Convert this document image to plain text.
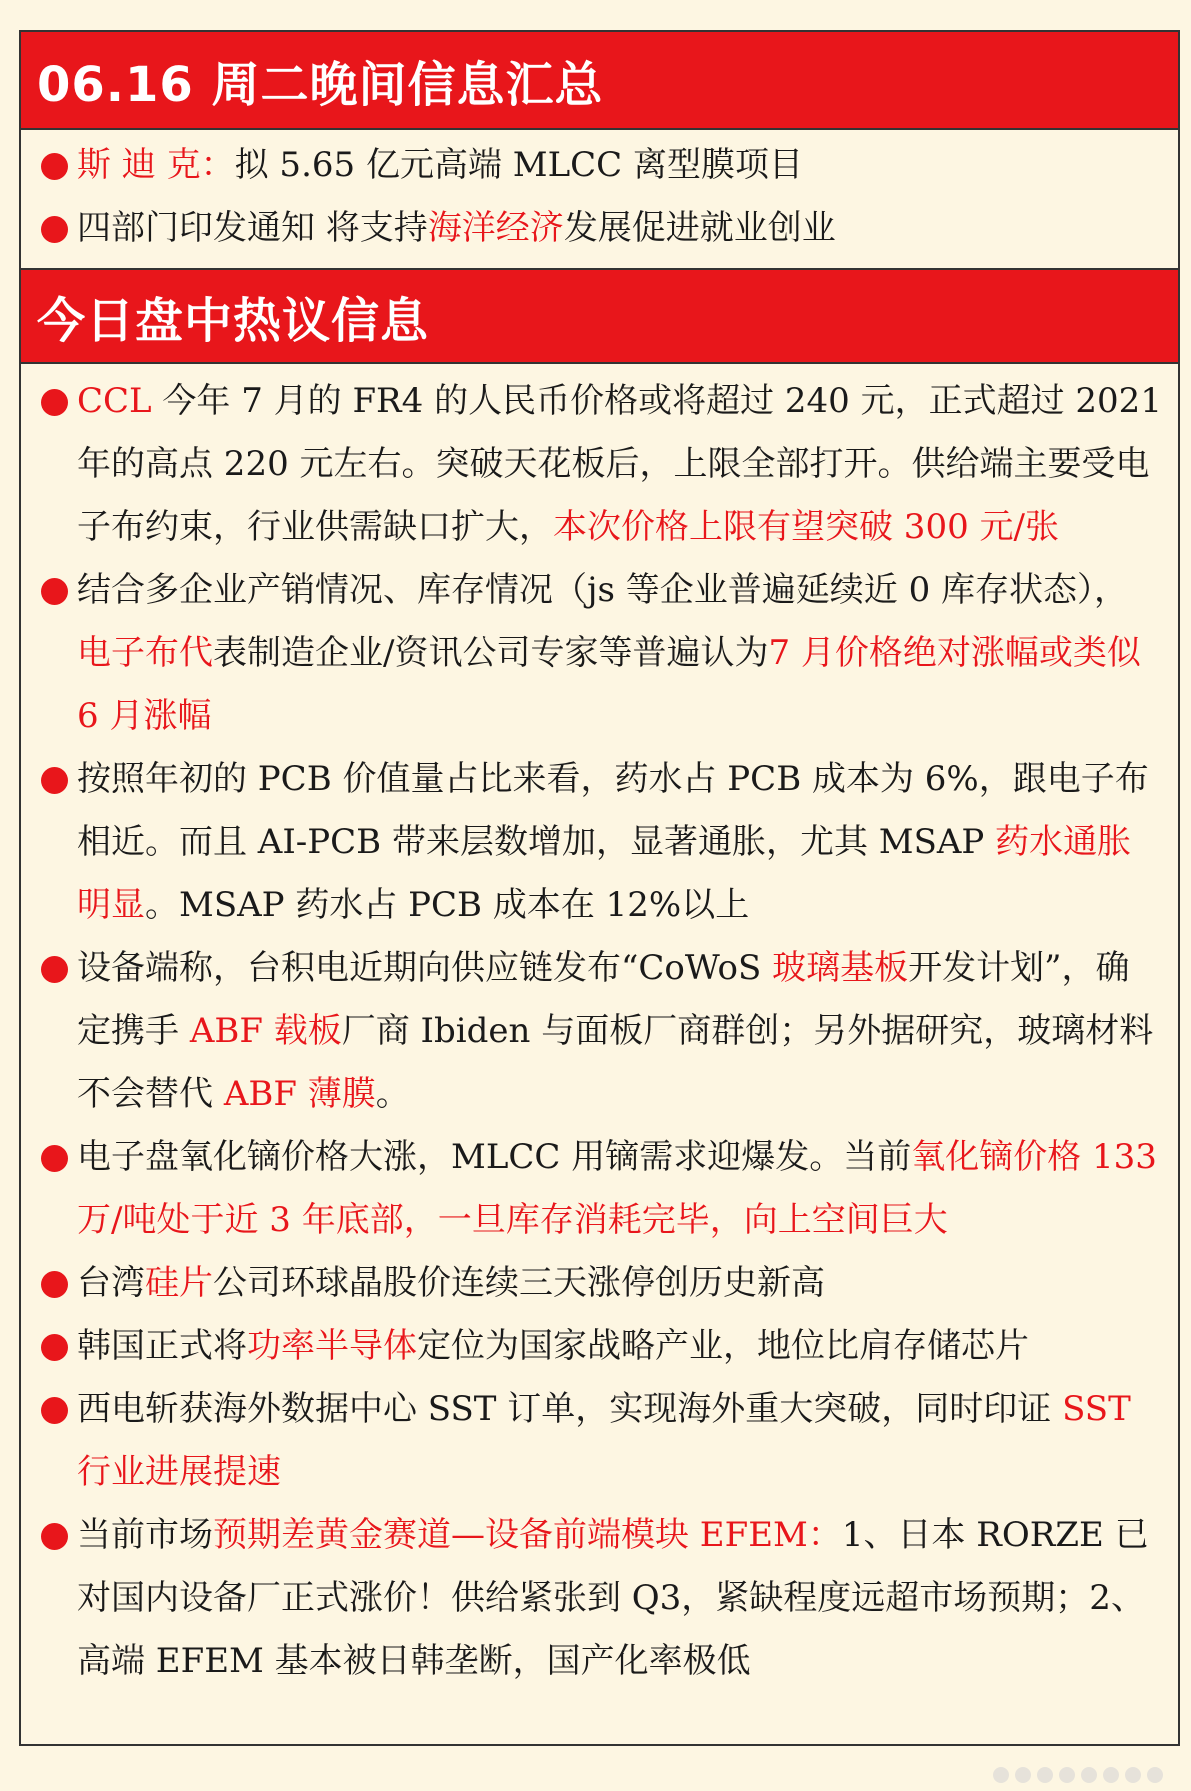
06.16 周二晚间信息汇总
斯 迪 克：拟 5.65 亿元高端 MLCC 离型膜项目
四部门印发通知 将支持海洋经济发展促进就业创业
今日盘中热议信息
CCL 今年 7 月的 FR4 的人民币价格或将超过 240 元，正式超过 2021 年的高点 220 元左右。突破天花板后，上限全部打开。供给端主要受电子布约束，行业供需缺口扩大，本次价格上限有望突破 300 元/张
结合多企业产销情况、库存情况（js 等企业普遍延续近 0 库存状态），电子布代表制造企业/资讯公司专家等普遍认为7 月价格绝对涨幅或类似 6 月涨幅
按照年初的 PCB 价值量占比来看，药水占 PCB 成本为 6%，跟电子布相近。而且 AI-PCB 带来层数增加，显著通胀，尤其 MSAP 药水通胀明显。MSAP 药水占 PCB 成本在 12%以上
设备端称，台积电近期向供应链发布“CoWoS 玻璃基板开发计划”，确定携手 ABF 载板厂商 Ibiden 与面板厂商群创；另外据研究，玻璃材料不会替代 ABF 薄膜。
电子盘氧化镝价格大涨，MLCC 用镝需求迎爆发。当前氧化镝价格 133 万/吨处于近 3 年底部，一旦库存消耗完毕，向上空间巨大
台湾硅片公司环球晶股价连续三天涨停创历史新高
韩国正式将功率半导体定位为国家战略产业，地位比肩存储芯片
西电斩获海外数据中心 SST 订单，实现海外重大突破，同时印证 SST 行业进展提速
当前市场预期差黄金赛道—设备前端模块 EFEM：1、日本 RORZE 已对国内设备厂正式涨价！供给紧张到 Q3，紧缺程度远超市场预期；2、高端 EFEM 基本被日韩垄断，国产化率极低
